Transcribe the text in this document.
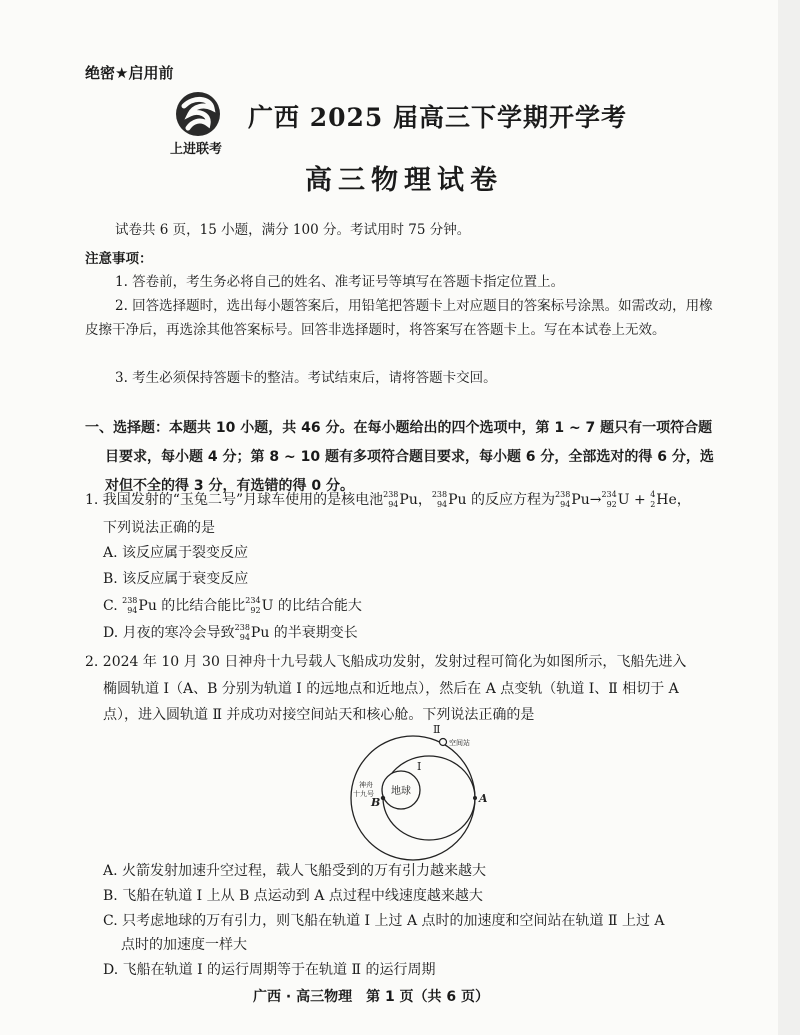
绝密★启用前
上进联考
广西 2025 届高三下学期开学考
高三物理试卷
试卷共 6 页，15 小题，满分 100 分。考试用时 75 分钟。
注意事项：
1. 答卷前，考生务必将自己的姓名、准考证号等填写在答题卡指定位置上。
2. 回答选择题时，选出每小题答案后，用铅笔把答题卡上对应题目的答案标号涂黑。如需改动，用橡皮擦干净后，再选涂其他答案标号。回答非选择题时，将答案写在答题卡上。写在本试卷上无效。
3. 考生必须保持答题卡的整洁。考试结束后，请将答题卡交回。
一、选择题：本题共 10 小题，共 46 分。在每小题给出的四个选项中，第 1 ~ 7 题只有一项符合题

目要求，每小题 4 分；第 8 ~ 10 题有多项符合题目要求，每小题 6 分，全部选对的得 6 分，选
对但不全的得 3 分，有选错的得 0 分。
1. 我国发射的“玉兔二号”月球车使用的是核电池 238
94 Pu， 238
94 Pu 的反应方程为 238
94 Pu→ 234
92 U + 4
2 He，
下列说法正确的是
A. 该反应属于裂变反应
B. 该反应属于衰变反应
C. 238
94 Pu 的比结合能比 234
92 U 的比结合能大
D. 月夜的寒冷会导致 238
94 Pu 的半衰期变长
2. 2024 年 10 月 30 日神舟十九号载人飞船成功发射，发射过程可简化为如图所示，飞船先进入
椭圆轨道 Ⅰ（A、B 分别为轨道 Ⅰ 的远地点和近地点），然后在 A 点变轨（轨道 Ⅰ、Ⅱ 相切于 A
点），进入圆轨道 Ⅱ 并成功对接空间站天和核心舱。下列说法正确的是
Ⅱ
空间站
Ⅰ
地球
神舟
十九号	A
B
A. 火箭发射加速升空过程，载人飞船受到的万有引力越来越大
B. 飞船在轨道 Ⅰ 上从 B 点运动到 A 点过程中线速度越来越大
C. 只考虑地球的万有引力，则飞船在轨道 Ⅰ 上过 A 点时的加速度和空间站在轨道 Ⅱ 上过 A
点时的加速度一样大
D. 飞船在轨道 Ⅰ 的运行周期等于在轨道 Ⅱ 的运行周期
广西 · 高三物理　第 1 页（共 6 页）
